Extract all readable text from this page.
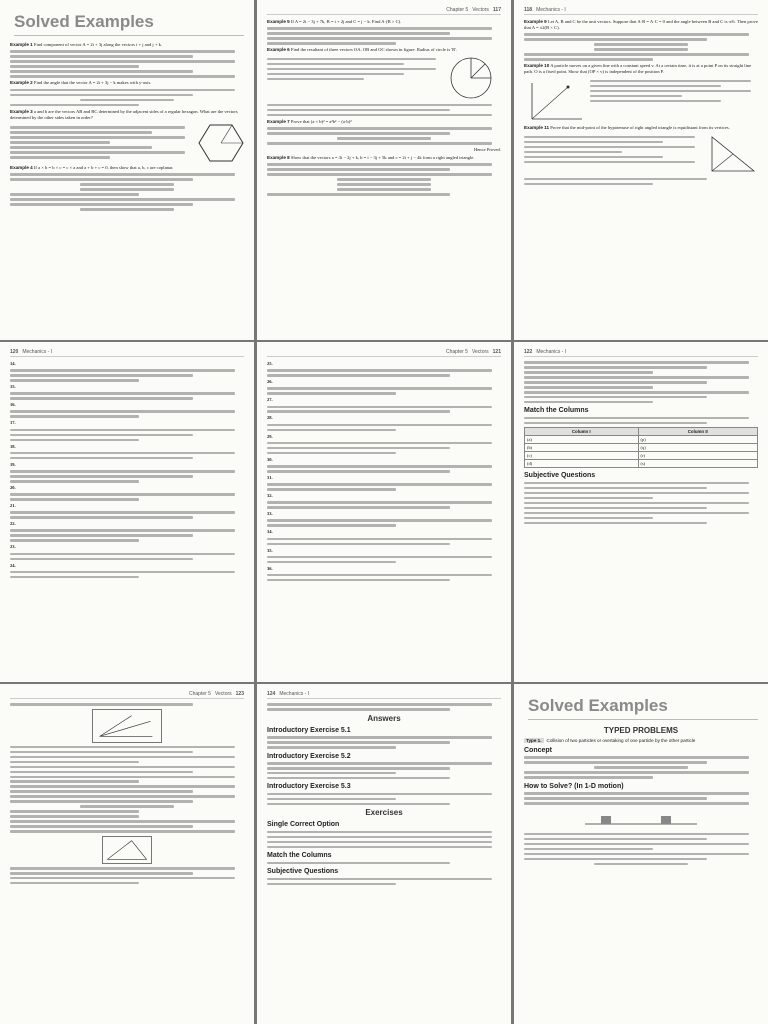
Solved Examples
Example 1 Find component of vector A = 2i + 3j along the vectors i + j and j + k.
Example 2 Find the angle that the vector A = 2i + 3j − k makes with y-axis.
Example 3 a and b are the vectors AB and BC determined by the adjacent sides of a regular hexagon. What are the vectors determined by the other sides taken in order?
Example 4 If a × b = b × c = c × a and a + b + c = 0, then show that a, b, c are coplanar.
Chapter 5 Vectors 117
Example 5 If A = 2i − 3j + 7k, B = i + 2j and C = j − k. Find A·(B × C).
Example 6 Find the resultant of three vectors OA, OB and OC shown in figure. Radius of circle is 'R'.
Example 7 Prove that (a × b)² = a²b² − (a·b)²
Hence Proved.
Example 8 Show that the vectors a = 3i − 2j + k, b = i − 3j + 5k and c = 2i + j − 4k form a right angled triangle.
118 Mechanics - I
Example 9 Let A, B and C be the unit vectors. Suppose that A·B = A·C = 0 and the angle between B and C is π/6. Then prove that A = ±2(B × C).
Example 10 A particle moves on a given line with a constant speed v. At a certain time, it is at a point P on its straight line path. O is a fixed point. Show that (OP × v) is independent of the position P.
Example 11 Prove that the mid-point of the hypotenuse of right angled triangle is equidistant from its vertices.
120 Mechanics - I
14.
15.
16.
17.
18.
19.
20.
21.
22.
23.
24.
Chapter 5 Vectors 121
25.
26.
27.
28.
29.
30.
31.
32.
33.
34.
35.
36.
122 Mechanics - I
Match the Columns
Column I	Column II
(a)	(p)
(b)	(q)
(c)	(r)
(d)	(s)
Subjective Questions
Chapter 5 Vectors 123	124 Mechanics - I
Answers
Introductory Exercise 5.1
Introductory Exercise 5.2
Introductory Exercise 5.3
Exercises
Single Correct Option
Match the Columns
Subjective Questions
Solved Examples
TYPED PROBLEMS
Type 1. Collision of two particles or overtaking of one particle by the other particle
Concept
How to Solve? (In 1-D motion)
